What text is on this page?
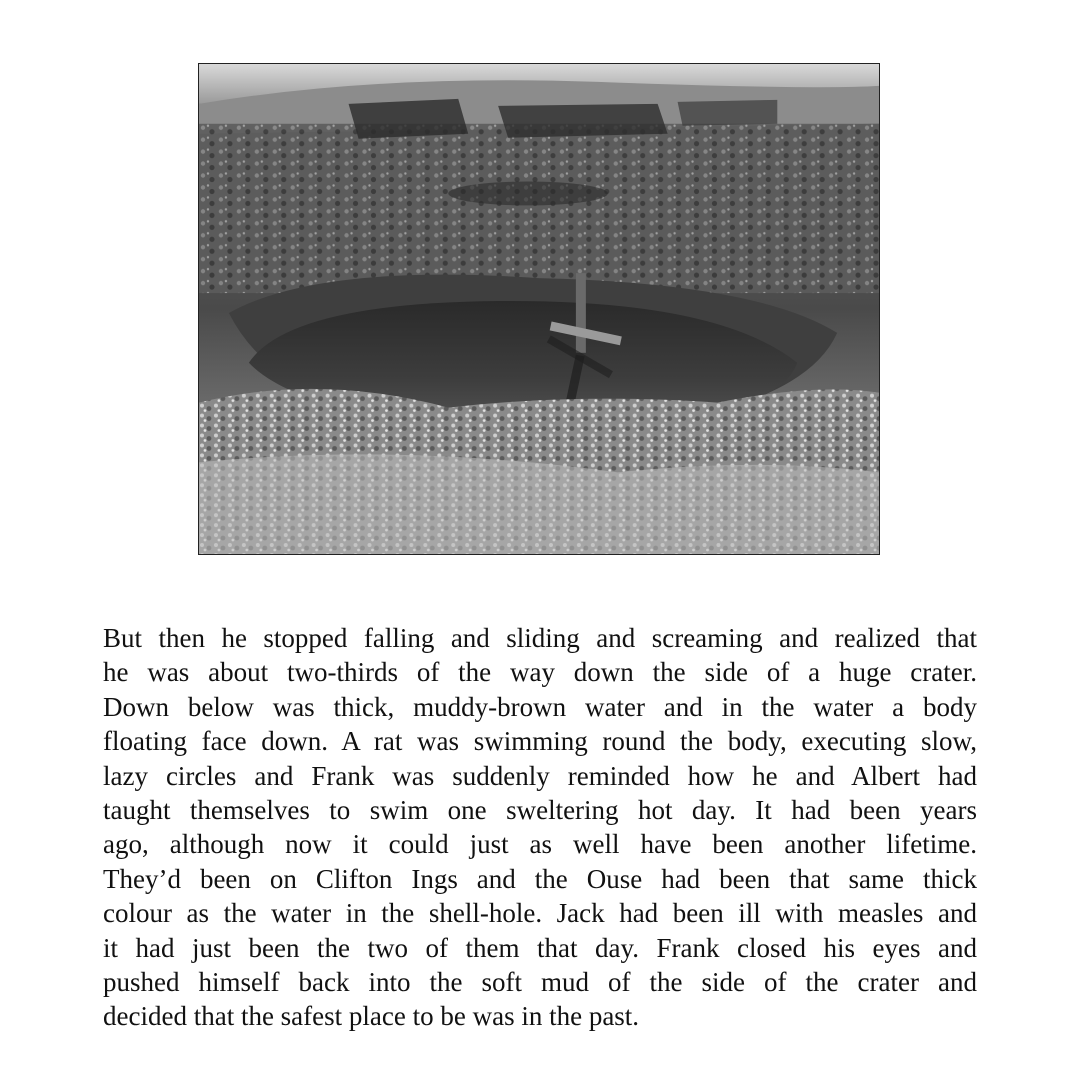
But then he stopped falling and sliding and screaming and realized that
he was about two-thirds of the way down the side of a huge crater.
Down below was thick, muddy-brown water and in the water a body
floating face down. A rat was swimming round the body, executing slow,
lazy circles and Frank was suddenly reminded how he and Albert had
taught themselves to swim one sweltering hot day. It had been years
ago, although now it could just as well have been another lifetime.
They’d been on Clifton Ings and the Ouse had been that same thick
colour as the water in the shell-hole. Jack had been ill with measles and
it had just been the two of them that day. Frank closed his eyes and
pushed himself back into the soft mud of the side of the crater and
decided that the safest place to be was in the past.
